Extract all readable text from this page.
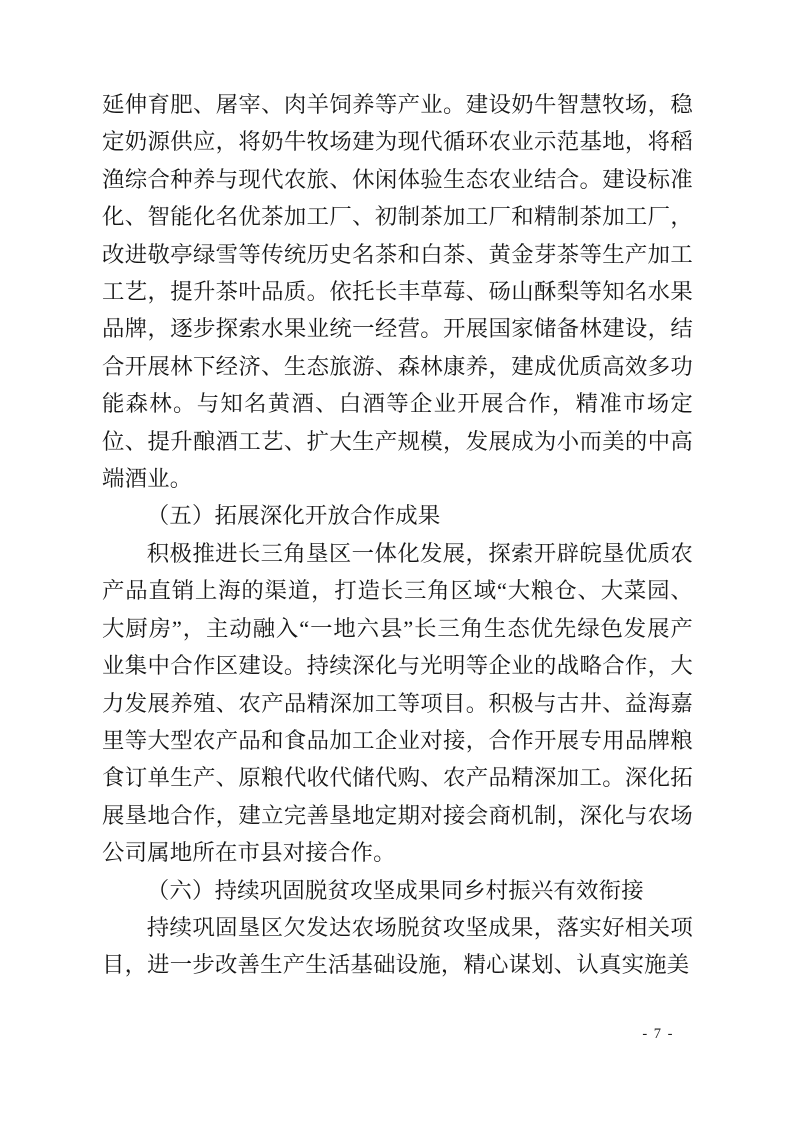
延伸育肥、屠宰、肉羊饲养等产业。建设奶牛智慧牧场，稳定奶源供应，将奶牛牧场建为现代循环农业示范基地，将稻渔综合种养与现代农旅、休闲体验生态农业结合。建设标准化、智能化名优茶加工厂、初制茶加工厂和精制茶加工厂，改进敬亭绿雪等传统历史名茶和白茶、黄金芽茶等生产加工工艺，提升茶叶品质。依托长丰草莓、砀山酥梨等知名水果品牌，逐步探索水果业统一经营。开展国家储备林建设，结合开展林下经济、生态旅游、森林康养，建成优质高效多功能森林。与知名黄酒、白酒等企业开展合作，精准市场定位、提升酿酒工艺、扩大生产规模，发展成为小而美的中高端酒业。

（五）拓展深化开放合作成果

积极推进长三角垦区一体化发展，探索开辟皖垦优质农产品直销上海的渠道，打造长三角区域“大粮仓、大菜园、大厨房”，主动融入“一地六县”长三角生态优先绿色发展产业集中合作区建设。持续深化与光明等企业的战略合作，大力发展养殖、农产品精深加工等项目。积极与古井、益海嘉里等大型农产品和食品加工企业对接，合作开展专用品牌粮食订单生产、原粮代收代储代购、农产品精深加工。深化拓展垦地合作，建立完善垦地定期对接会商机制，深化与农场公司属地所在市县对接合作。

（六）持续巩固脱贫攻坚成果同乡村振兴有效衔接

持续巩固垦区欠发达农场脱贫攻坚成果，落实好相关项目，进一步改善生产生活基础设施，精心谋划、认真实施美

- 7 -
